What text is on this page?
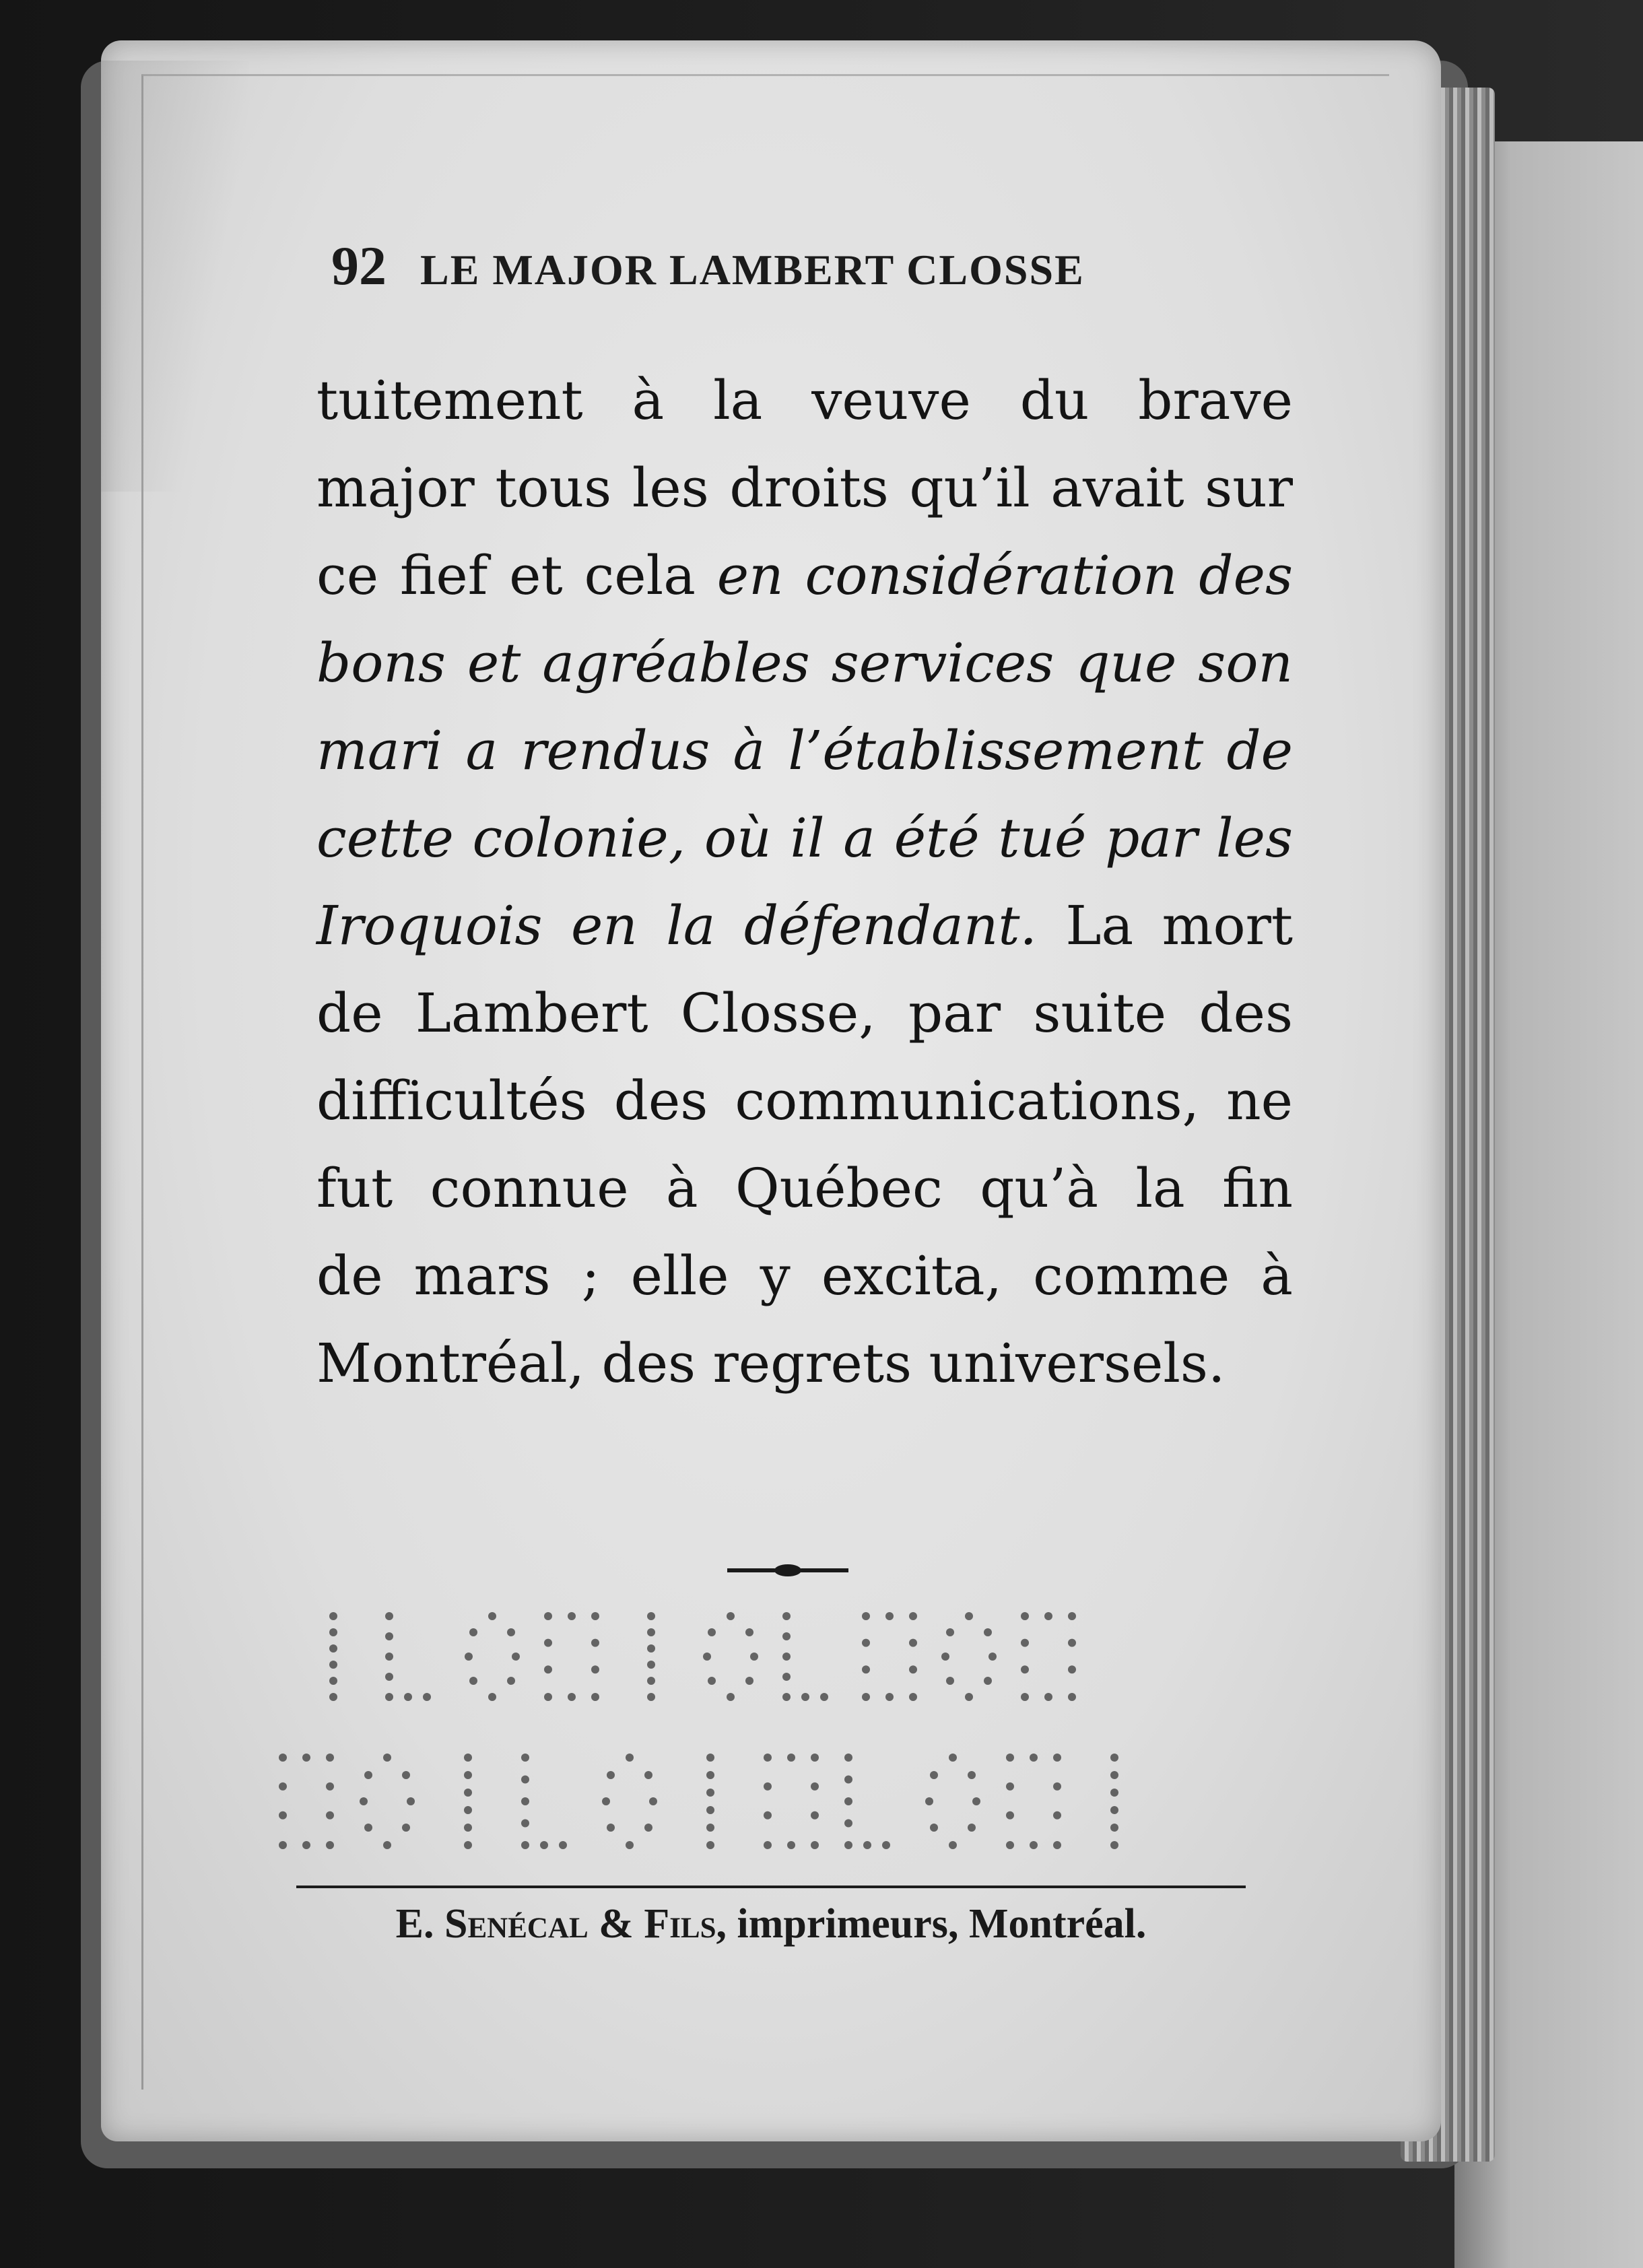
92 LE MAJOR LAMBERT CLOSSE
tuitement à la veuve du brave
major tous les droits qu’il avait sur
ce fief et cela en considération des
bons et agréables services que son
mari a rendus à l’établissement de
cette colonie, où il a été tué par les
Iroquois en la défendant. La mort
de Lambert Closse, par suite des
difficultés des communications, ne
fut connue à Québec qu’à la fin
de mars ; elle y excita, comme à
Montréal, des regrets universels.
E. Senécal & Fils, imprimeurs, Montréal.
